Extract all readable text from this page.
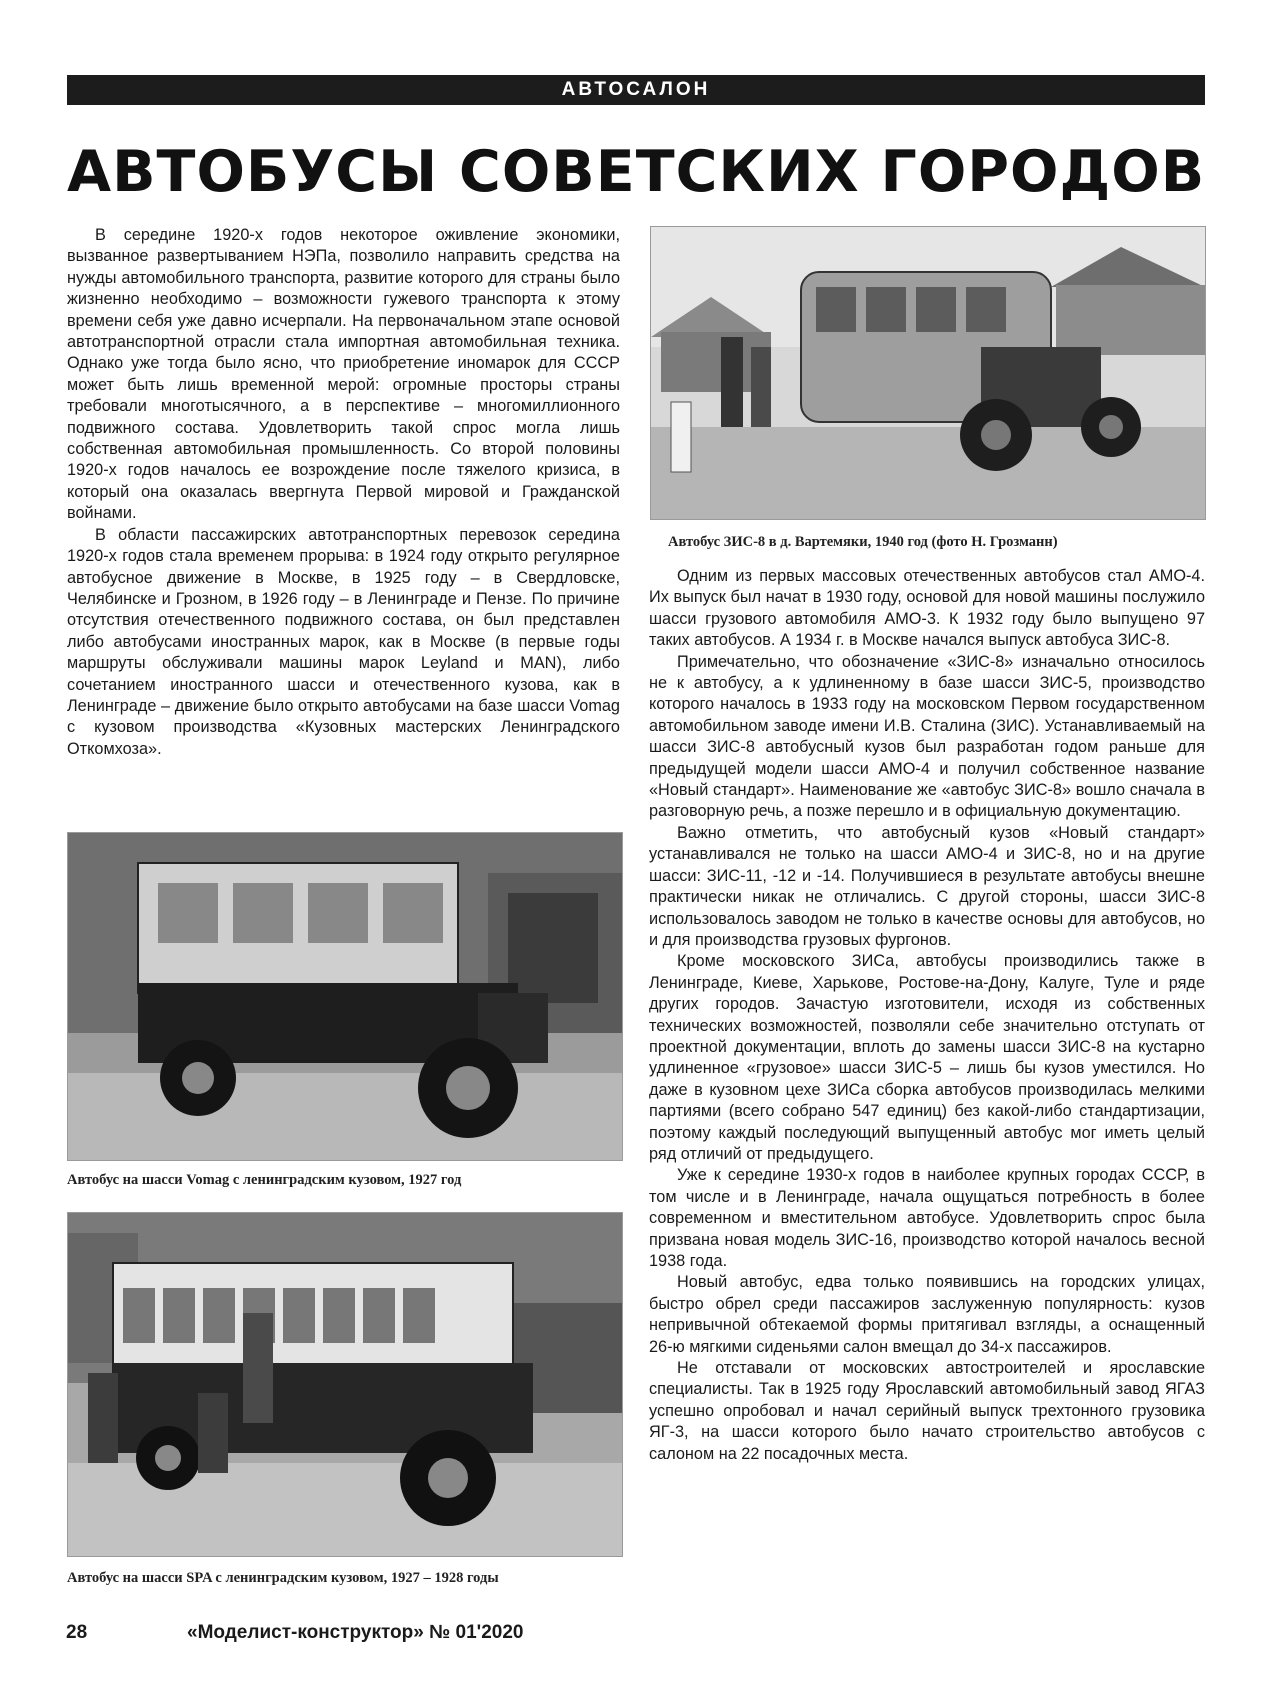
АВТОСАЛОН
АВТОБУСЫ СОВЕТСКИХ ГОРОДОВ

В середине 1920-х годов некоторое оживление экономики, вызванное развертыванием НЭПа, позволило направить средства на нужды автомобильного транспорта, развитие которого для страны было жизненно необходимо – возможности гужевого транспорта к этому времени себя уже давно исчерпали. На первоначальном этапе основой автотранспортной отрасли стала импортная автомобильная техника. Однако уже тогда было ясно, что приобретение иномарок для СССР может быть лишь временной мерой: огромные просторы страны требовали многотысячного, а в перспективе – многомиллионного подвижного состава. Удовлетворить такой спрос могла лишь собственная автомобильная промышленность. Со второй половины 1920-х годов началось ее возрождение после тяжелого кризиса, в который она оказалась ввергнута Первой мировой и Гражданской войнами.

В области пассажирских автотранспортных перевозок середина 1920-х годов стала временем прорыва: в 1924 году открыто регулярное автобусное движение в Москве, в 1925 году – в Свердловске, Челябинске и Грозном, в 1926 году – в Ленинграде и Пензе. По причине отсутствия отечественного подвижного состава, он был представлен либо автобусами иностранных марок, как в Москве (в первые годы маршруты обслуживали машины марок Leyland и MAN), либо сочетанием иностранного шасси и отечественного кузова, как в Ленинграде – движение было открыто автобусами на базе шасси Vomag с кузовом производства «Кузовных мастерских Ленинградского Откомхоза».

Автобус ЗИС-8 в д. Вартемяки, 1940 год (фото Н. Грозманн)

Одним из первых массовых отечественных автобусов стал АМО-4. Их выпуск был начат в 1930 году, основой для новой машины послужило шасси грузового автомобиля АМО-3. К 1932 году было выпущено 97 таких автобусов. А 1934 г. в Москве начался выпуск автобуса ЗИС-8.

Примечательно, что обозначение «ЗИС-8» изначально относилось не к автобусу, а к удлиненному в базе шасси ЗИС-5, производство которого началось в 1933 году на московском Первом государственном автомобильном заводе имени И.В. Сталина (ЗИС). Устанавливаемый на шасси ЗИС-8 автобусный кузов был разработан годом раньше для предыдущей модели шасси АМО-4 и получил собственное название «Новый стандарт». Наименование же «автобус ЗИС-8» вошло сначала в разговорную речь, а позже перешло и в официальную документацию.

Важно отметить, что автобусный кузов «Новый стандарт» устанавливался не только на шасси АМО-4 и ЗИС-8, но и на другие шасси: ЗИС-11, -12 и -14. Получившиеся в результате автобусы внешне практически никак не отличались. С другой стороны, шасси ЗИС-8 использовалось заводом не только в качестве основы для автобусов, но и для производства грузовых фургонов.

Кроме московского ЗИСа, автобусы производились также в Ленинграде, Киеве, Харькове, Ростове-на-Дону, Калуге, Туле и ряде других городов. Зачастую изготовители, исходя из собственных технических возможностей, позволяли себе значительно отступать от проектной документации, вплоть до замены шасси ЗИС-8 на кустарно удлиненное «грузовое» шасси ЗИС-5 – лишь бы кузов уместился. Но даже в кузовном цехе ЗИСа сборка автобусов производилась мелкими партиями (всего собрано 547 единиц) без какой-либо стандартизации, поэтому каждый последующий выпущенный автобус мог иметь целый ряд отличий от предыдущего.

Уже к середине 1930-х годов в наиболее крупных городах СССР, в том числе и в Ленинграде, начала ощущаться потребность в более современном и вместительном автобусе. Удовлетворить спрос была призвана новая модель ЗИС-16, производство которой началось весной 1938 года.

Новый автобус, едва только появившись на городских улицах, быстро обрел среди пассажиров заслуженную популярность: кузов непривычной обтекаемой формы притягивал взгляды, а оснащенный 26-ю мягкими сиденьями салон вмещал до 34-х пассажиров.

Не отставали от московских автостроителей и ярославские специалисты. Так в 1925 году Ярославский автомобильный завод ЯГАЗ успешно опробовал и начал серийный выпуск трехтонного грузовика ЯГ-3, на шасси которого было начато строительство автобусов с салоном на 22 посадочных места.

Автобус на шасси Vomag с ленинградским кузовом, 1927 год
Автобус на шасси SPA с ленинградским кузовом, 1927 – 1928 годы
28	«Моделист-конструктор» № 01'2020
